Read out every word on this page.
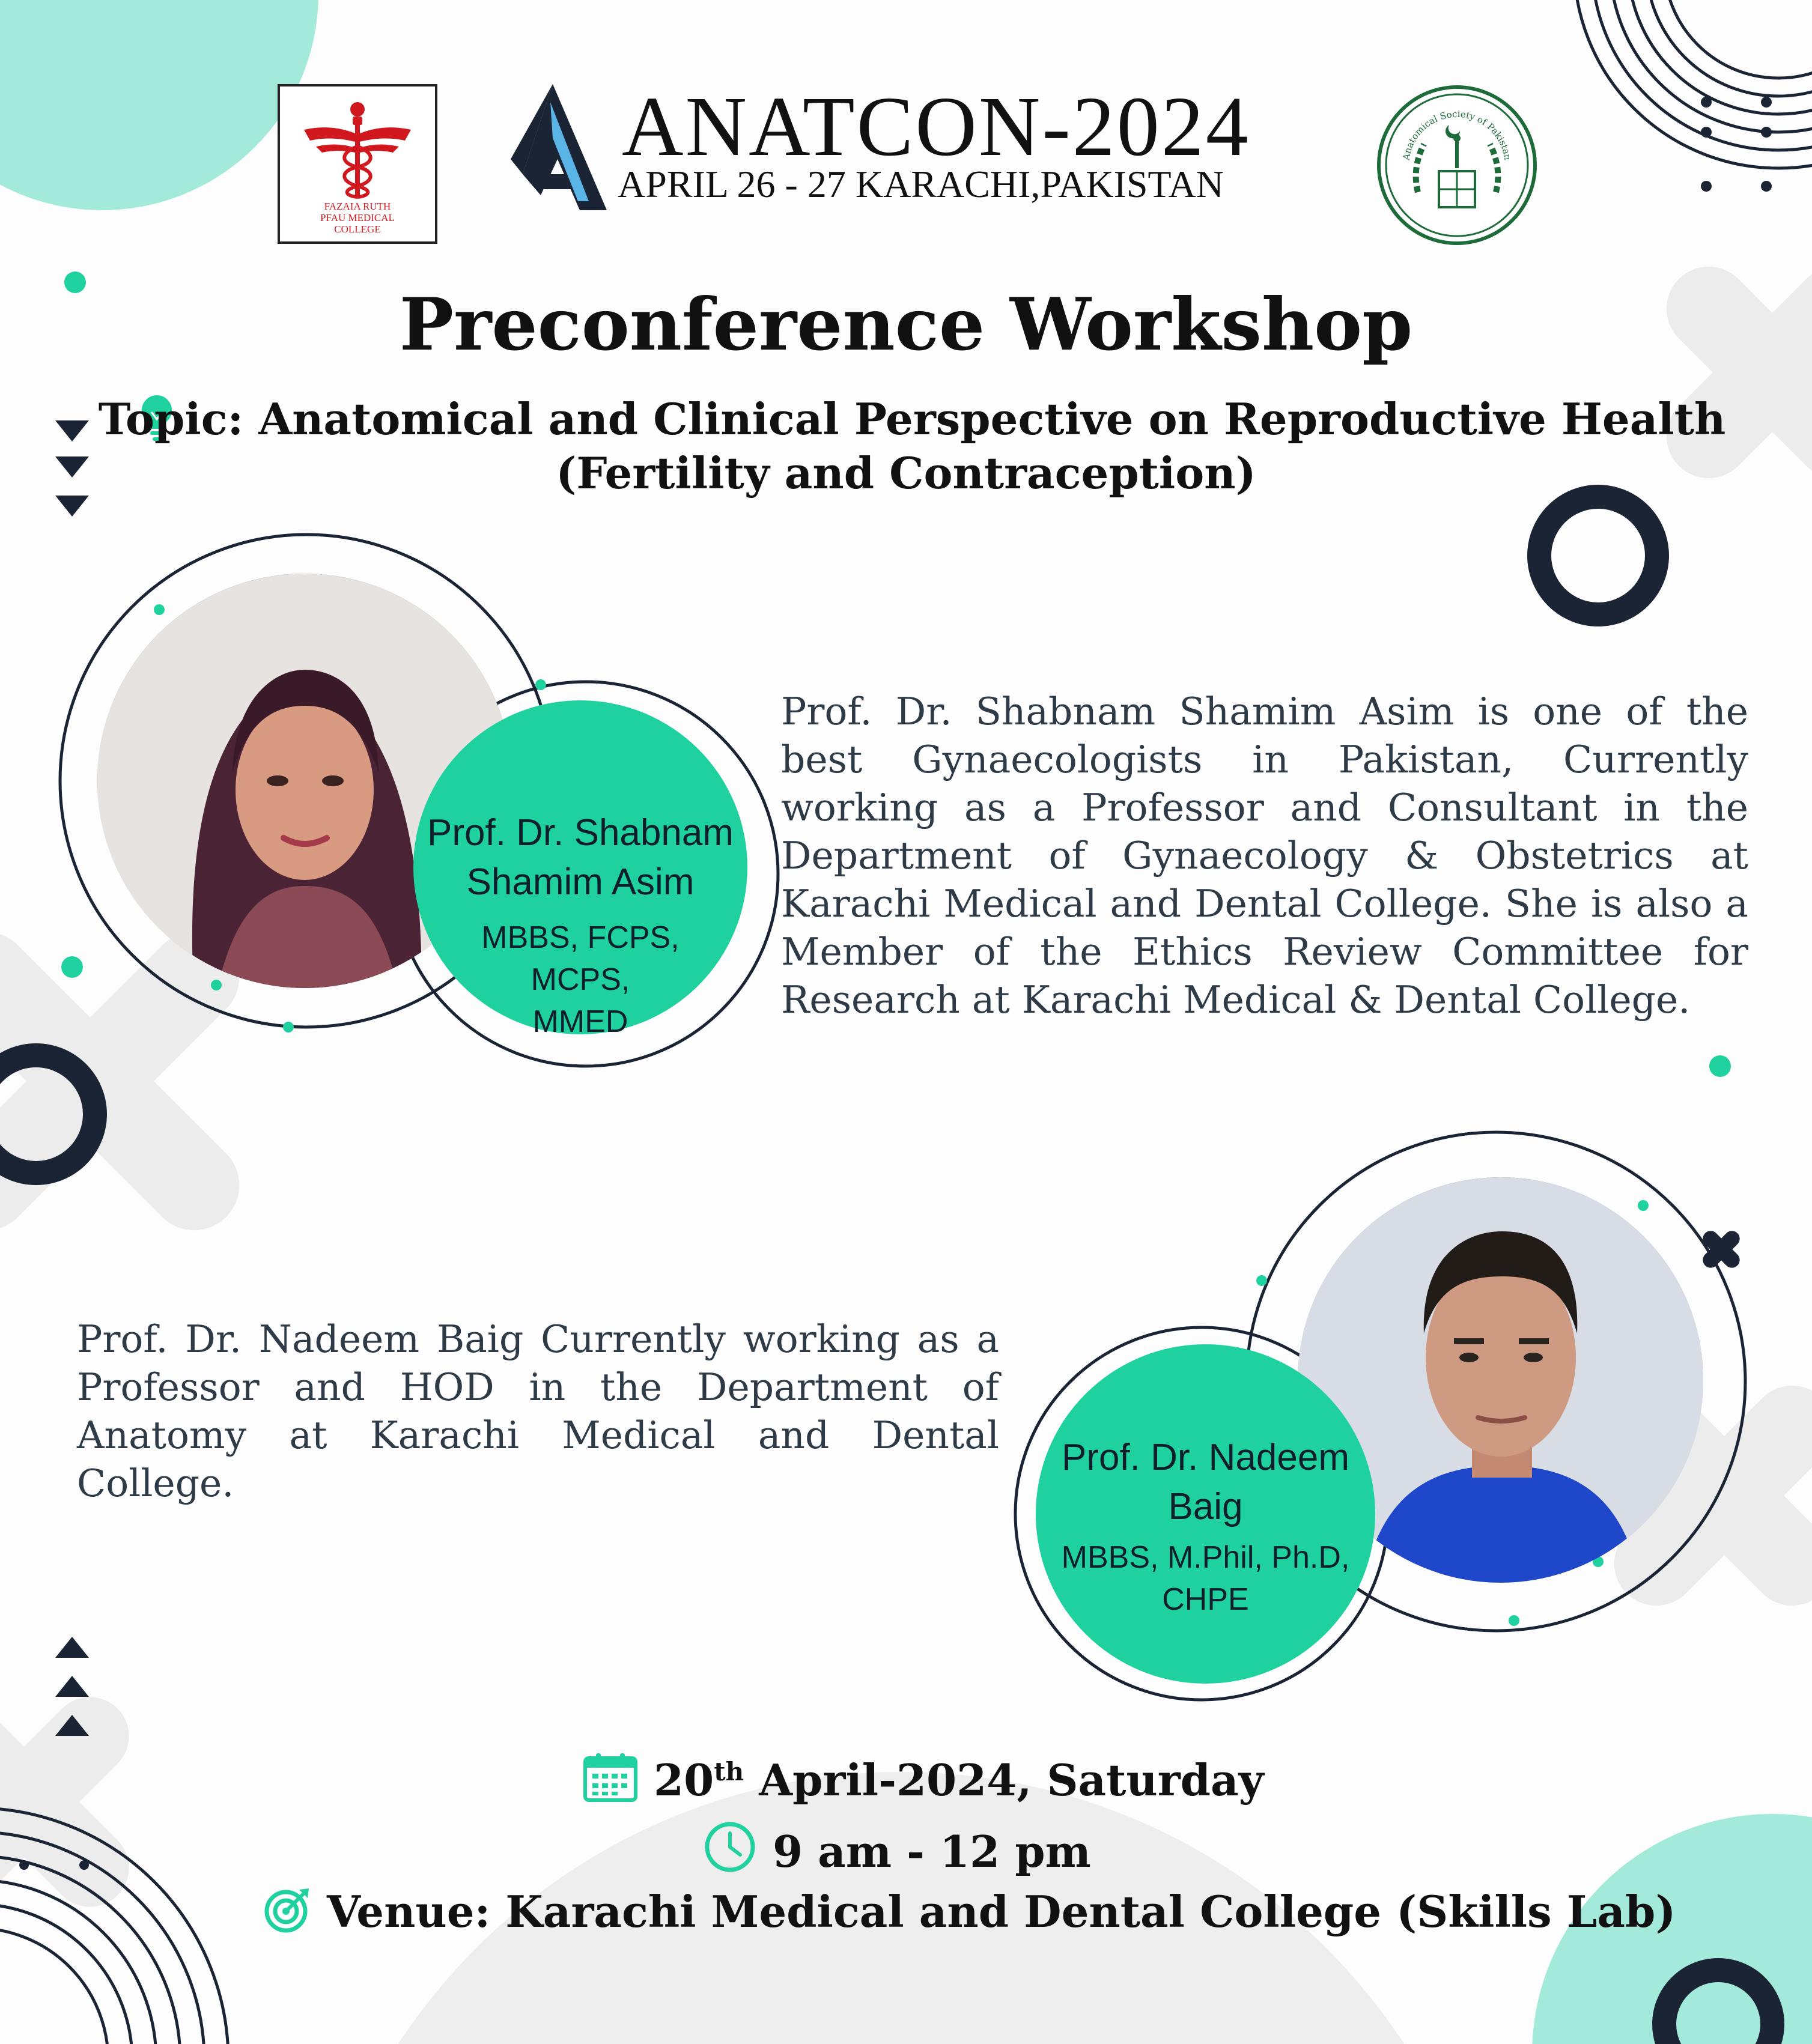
FAZAIA RUTH
PFAU MEDICAL
COLLEGE
ANATCON-2024
APRIL 26 - 27 KARACHI,PAKISTAN
Anatomical Society of Pakistan
Preconference Workshop
Topic: Anatomical and Clinical Perspective on Reproductive Health
(Fertility and Contraception)
Prof. Dr. Shabnam
Shamim Asim
MBBS, FCPS, MCPS,
MMED
Prof. Dr. Shabnam Shamim Asim is one of the best Gynaecologists in Pakistan, Currently working as a Professor and Consultant in the Department of Gynaecology & Obstetrics at Karachi Medical and Dental College. She is also a Member of the Ethics Review Committee for Research at Karachi Medical & Dental College.
Prof. Dr. Nadeem Baig Currently working as a Professor and HOD in the Department of Anatomy at Karachi Medical and Dental College.
Prof. Dr. Nadeem
Baig
MBBS, M.Phil, Ph.D,
CHPE
20th April-2024, Saturday
9 am - 12 pm
Venue: Karachi Medical and Dental College (Skills Lab)
